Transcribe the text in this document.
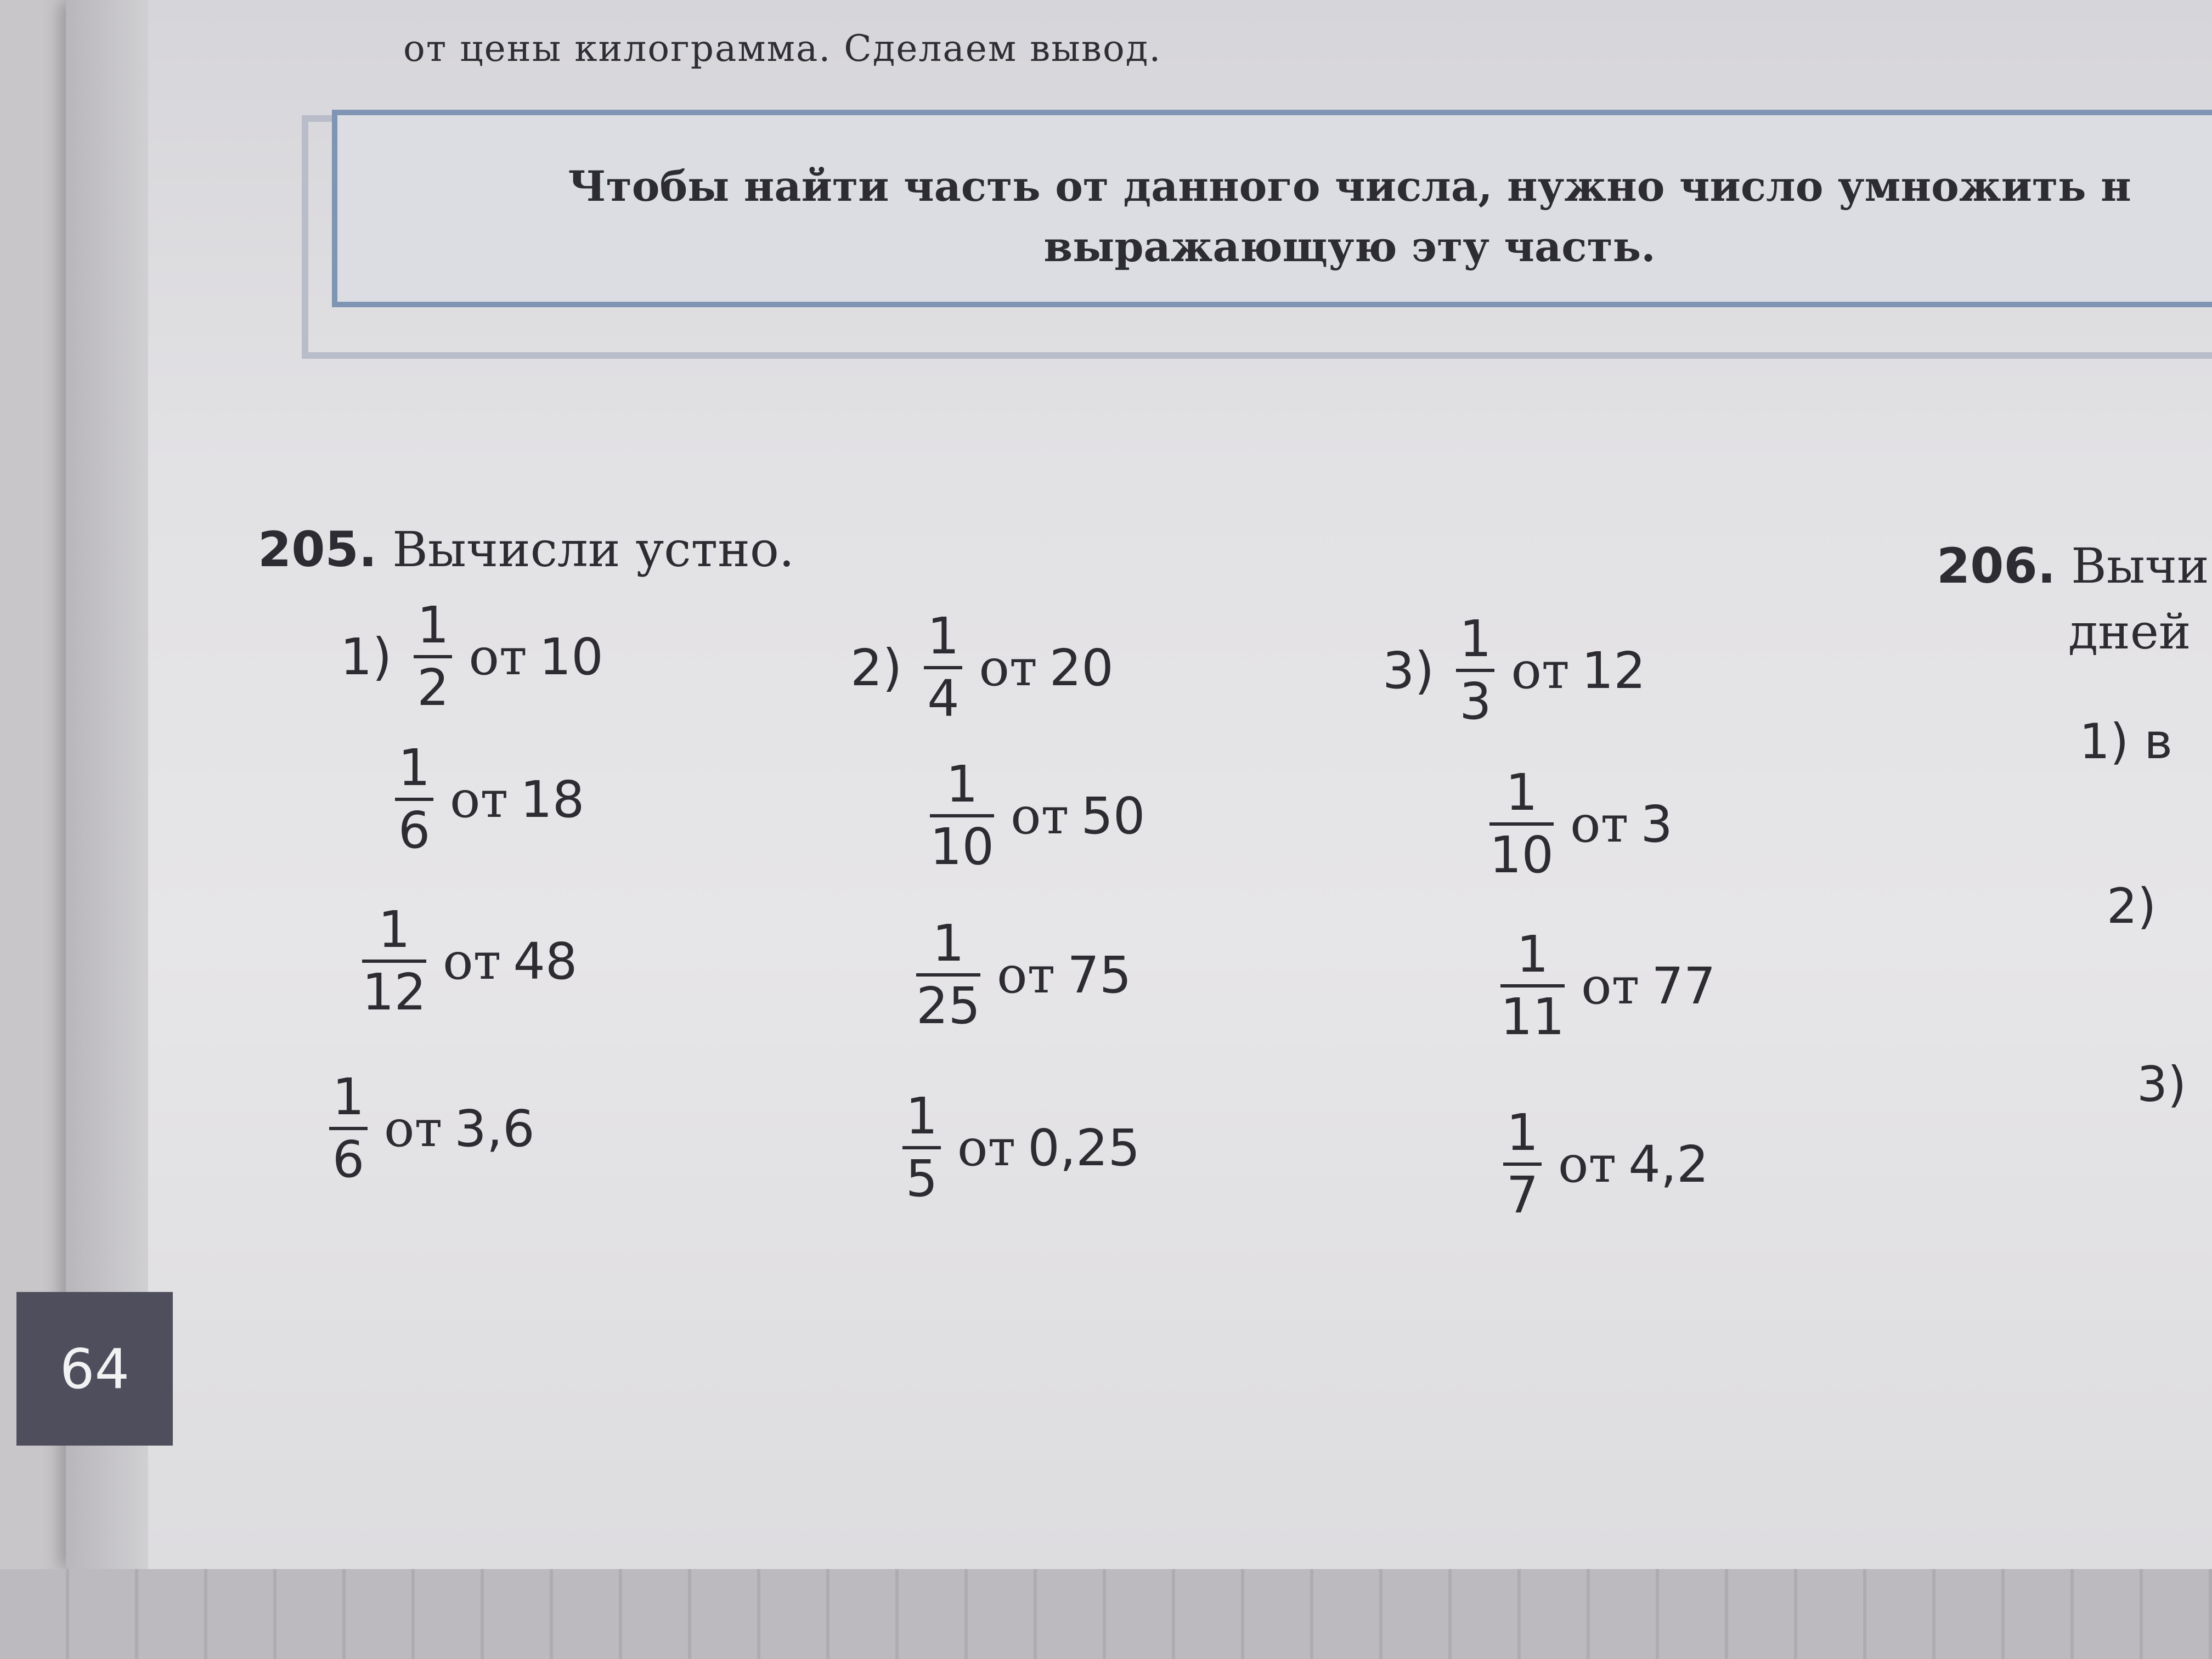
от цены килограмма. Сделаем вывод.
Чтобы найти часть от данного числа, нужно число умножить н
выражающую эту часть.
205. Вычисли устно.
1)
1
2
от 10
1
6
от 18
1
12
от 48
1
6
от 3,6
2)
1
4
от 20
1
10
от 50
1
25
от 75
1
5
от 0,25
3)
1
3
от 12
1
10
от 3
1
11
от 77
1
7
от 4,2
206. Вычи
дней
1) в
2)
3)
64
